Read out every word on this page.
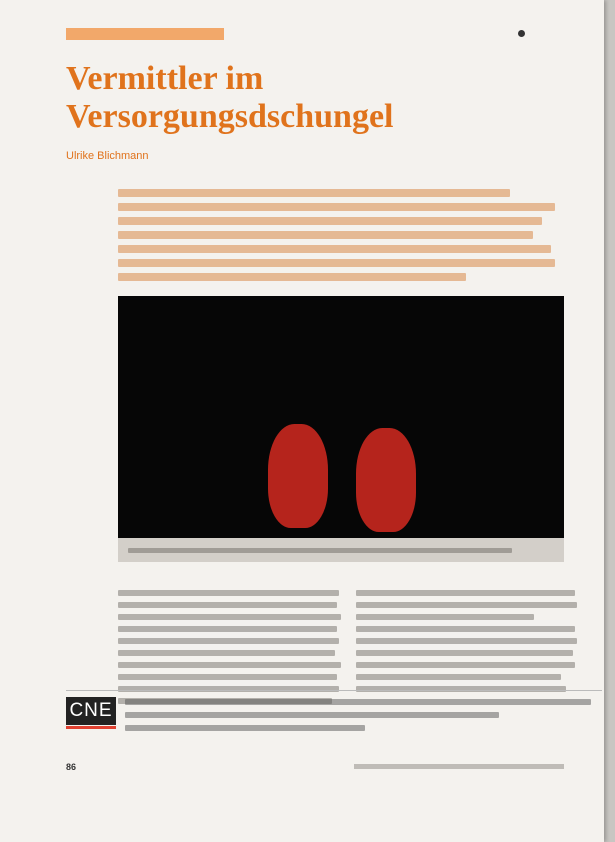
Vermittler im Versorgungsdschungel
Ulrike Blichmann
CNE
86
